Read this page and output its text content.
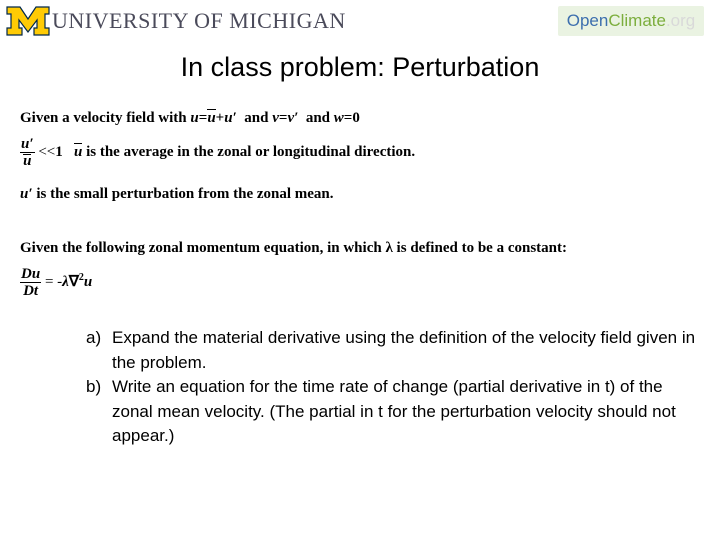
UNIVERSITY OF MICHIGAN	Open Climate .org
In class problem: Perturbation
Given a velocity field with u=u+u′  and v=v′  and w=0
$\frac{u'}{u} <<1$   u is the average in the zonal or longitudinal direction.
u′ is the small perturbation from the zonal mean.
Given the following zonal momentum equation, in which λ is defined to be a constant:
$\frac{Du}{Dt} = -\lambda\nabla^2u$
a) Expand the material derivative using the definition of the velocity field given in the problem.
b) Write an equation for the time rate of change (partial derivative in t) of the zonal mean velocity. (The partial in t for the perturbation velocity should not appear.)
